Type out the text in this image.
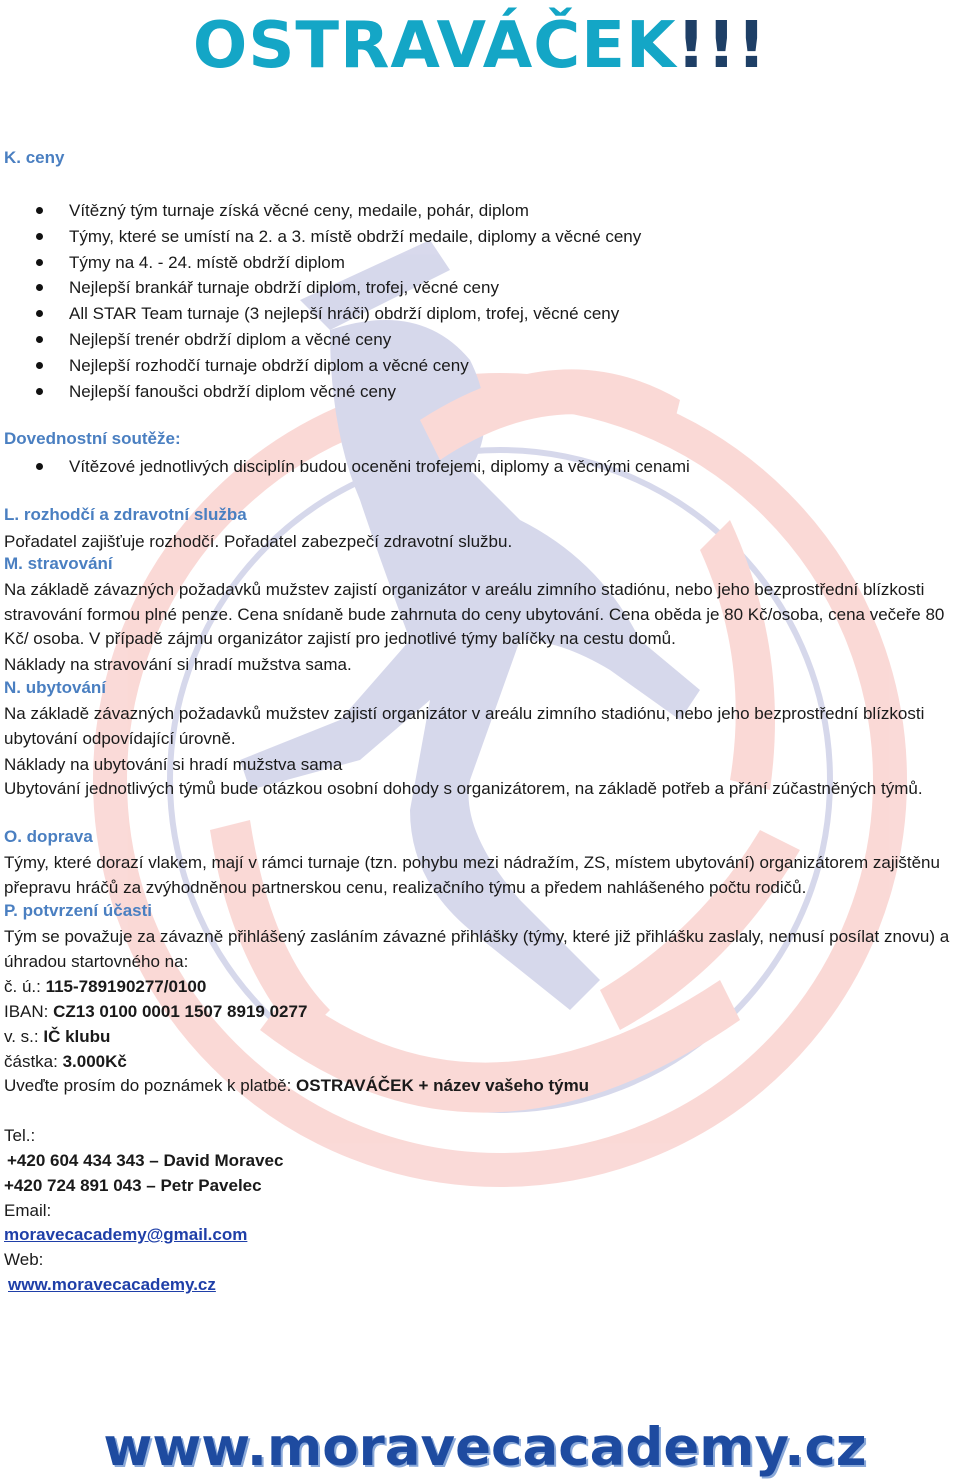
OSTRAVÁČEK!!!
K. ceny
Vítězný tým turnaje získá věcné ceny, medaile, pohár, diplom
Týmy, které se umístí na 2. a 3. místě obdrží medaile, diplomy a věcné ceny
Týmy na 4. - 24. místě obdrží diplom
Nejlepší brankář turnaje obdrží diplom, trofej, věcné ceny
All STAR Team turnaje (3 nejlepší hráči) obdrží diplom, trofej, věcné ceny
Nejlepší trenér obdrží diplom a věcné ceny
Nejlepší rozhodčí turnaje obdrží diplom a věcné ceny
Nejlepší fanoušci obdrží diplom věcné ceny
Dovednostní soutěže:
Vítězové jednotlivých disciplín budou oceněni trofejemi, diplomy a věcnými cenami
L. rozhodčí a zdravotní služba
Pořadatel zajišťuje rozhodčí. Pořadatel zabezpečí zdravotní službu.
M. stravování
Na základě závazných požadavků mužstev zajistí organizátor v areálu zimního stadiónu, nebo jeho bezprostřední blízkosti stravování formou plné penze. Cena snídaně bude zahrnuta do ceny ubytování. Cena oběda je 80 Kč/osoba, cena večeře 80 Kč/ osoba. V případě zájmu organizátor zajistí pro jednotlivé týmy balíčky na cestu domů.
Náklady na stravování si hradí mužstva sama.
N. ubytování
Na základě závazných požadavků mužstev zajistí organizátor v areálu zimního stadiónu, nebo jeho bezprostřední blízkosti ubytování odpovídající úrovně.
Náklady na ubytování si hradí mužstva sama
Ubytování jednotlivých týmů bude otázkou osobní dohody s organizátorem, na základě potřeb a přání zúčastněných týmů.
O. doprava
Týmy, které dorazí vlakem, mají v rámci turnaje (tzn. pohybu mezi nádražím, ZS, místem ubytování) organizátorem zajištěnu přepravu hráčů za zvýhodněnou partnerskou cenu, realizačního týmu a předem nahlášeného počtu rodičů.
P. potvrzení účasti
Tým se považuje za závazně přihlášený zasláním závazné přihlášky (týmy, které již přihlášku zaslaly, nemusí posílat znovu) a úhradou startovného na:
č. ú.: 115-789190277/0100
IBAN: CZ13 0100 0001 1507 8919 0277
v. s.: IČ klubu
částka: 3.000Kč
Uveďte prosím do poznámek k platbě: OSTRAVÁČEK + název vašeho týmu
Tel.:
+420 604 434 343 – David Moravec
+420 724 891 043 – Petr Pavelec
Email:
moravecacademy@gmail.com
Web:
www.moravecacademy.cz
www.moravecacademy.cz
